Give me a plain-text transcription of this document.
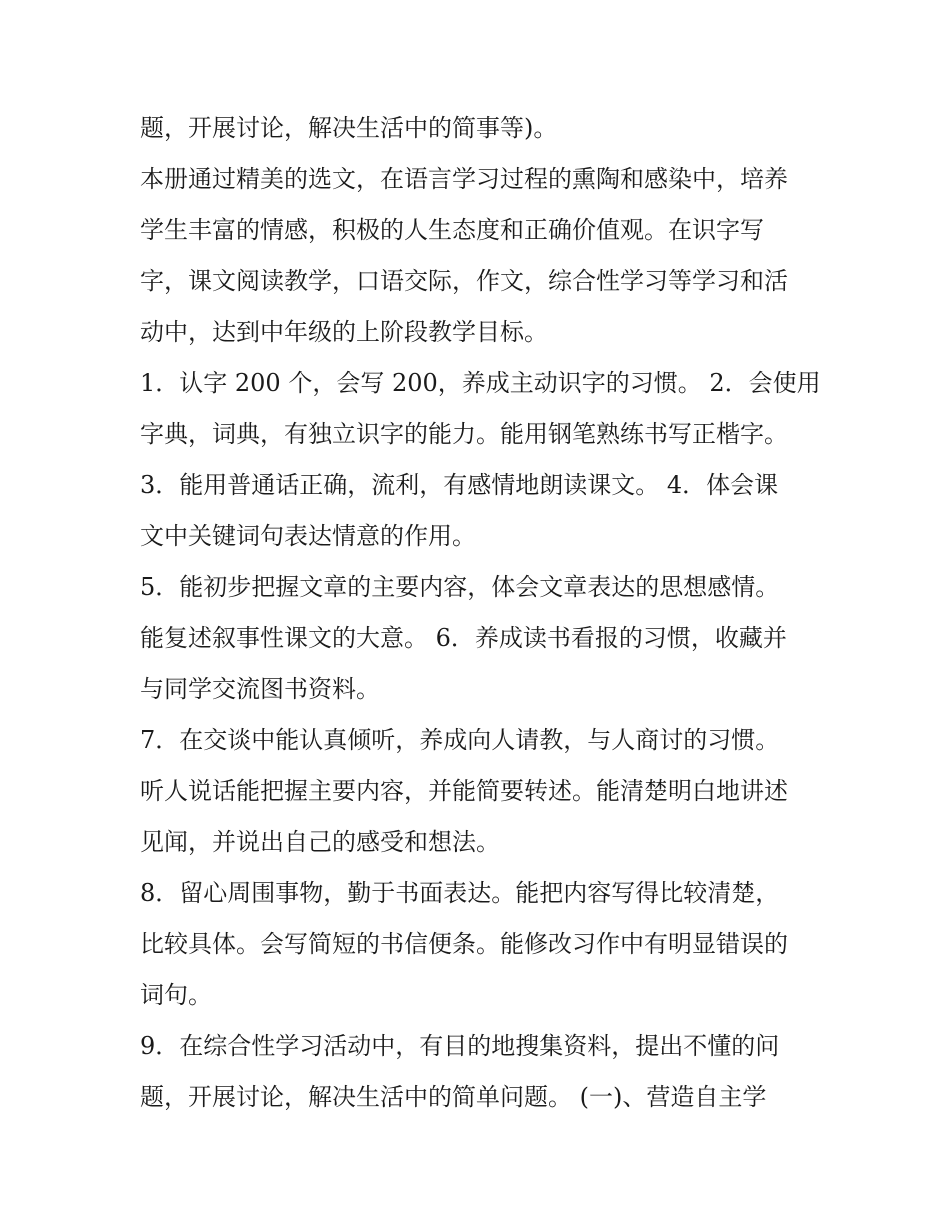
题，开展讨论，解决生活中的简事等)。
本册通过精美的选文，在语言学习过程的熏陶和感染中，培养
学生丰富的情感，积极的人生态度和正确价值观。在识字写
字，课文阅读教学，口语交际，作文，综合性学习等学习和活
动中，达到中年级的上阶段教学目标。
1．认字 200 个，会写 200，养成主动识字的习惯。 2．会使用
字典，词典，有独立识字的能力。能用钢笔熟练书写正楷字。
3．能用普通话正确，流利，有感情地朗读课文。 4．体会课
文中关键词句表达情意的作用。
5．能初步把握文章的主要内容，体会文章表达的思想感情。
能复述叙事性课文的大意。 6．养成读书看报的习惯，收藏并
与同学交流图书资料。
7．在交谈中能认真倾听，养成向人请教，与人商讨的习惯。
听人说话能把握主要内容，并能简要转述。能清楚明白地讲述
见闻，并说出自己的感受和想法。
8．留心周围事物，勤于书面表达。能把内容写得比较清楚，
比较具体。会写简短的书信便条。能修改习作中有明显错误的
词句。
9．在综合性学习活动中，有目的地搜集资料，提出不懂的问
题，开展讨论，解决生活中的简单问题。 (一)、营造自主学
